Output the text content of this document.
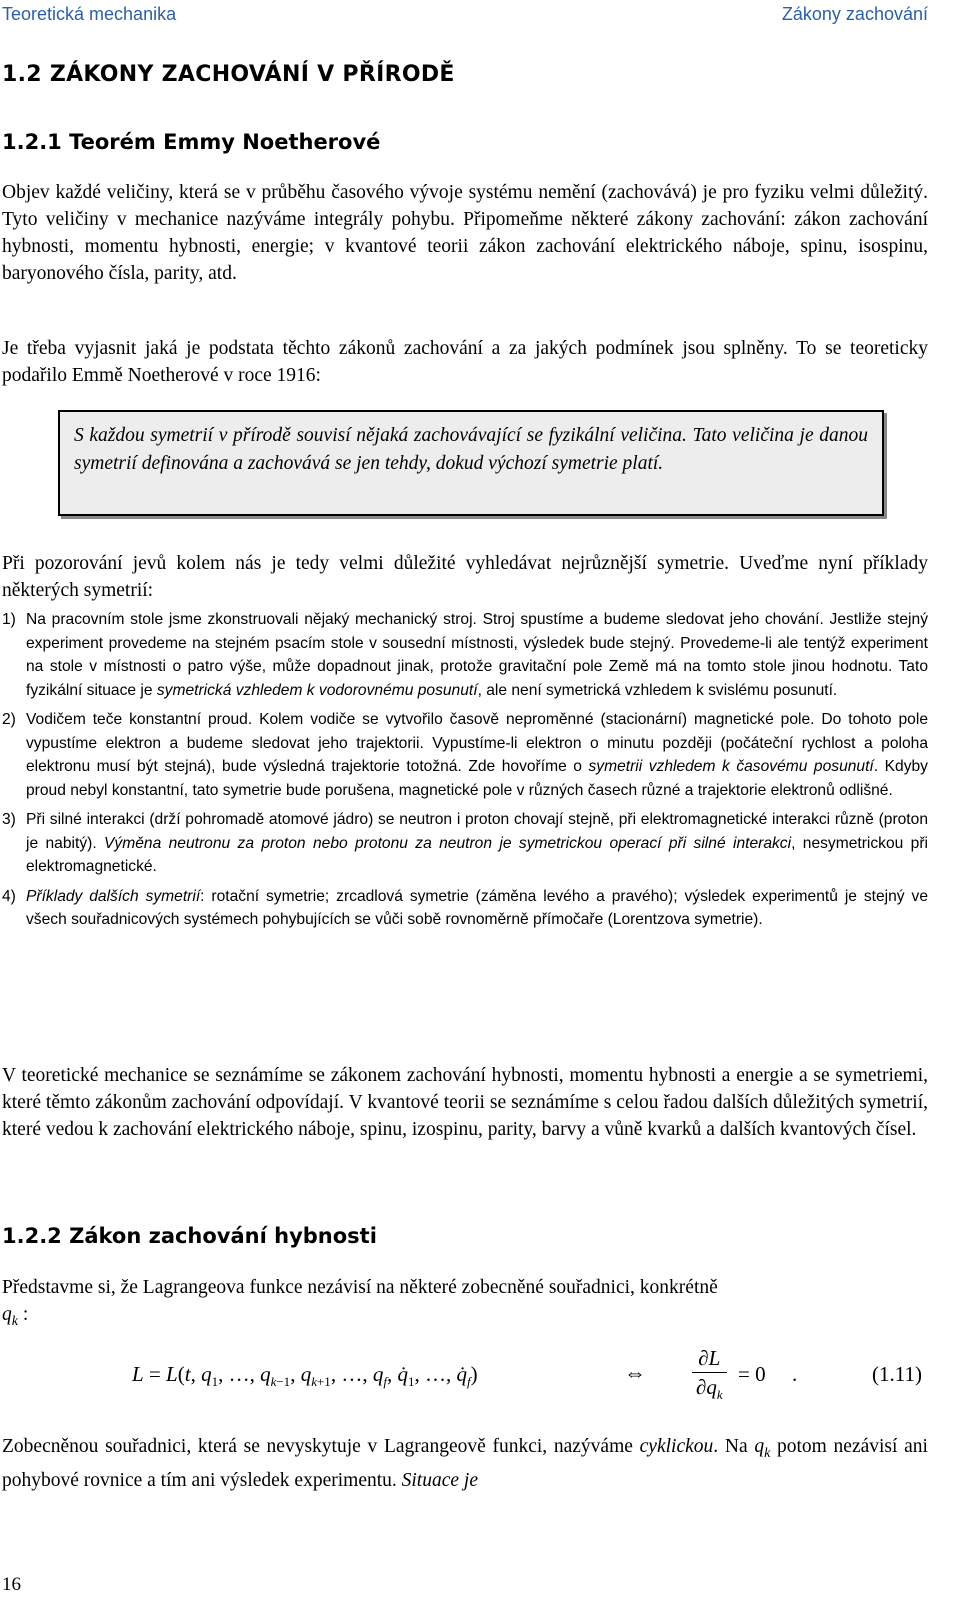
Teoretická mechanika	Zákony zachování
1.2 ZÁKONY ZACHOVÁNÍ V PŘÍRODĚ
1.2.1 Teorém Emmy Noetherové

Objev každé veličiny, která se v průběhu časového vývoje systému nemění (zachovává) je pro fyziku velmi důležitý. Tyto veličiny v mechanice nazýváme integrály pohybu. Připomeňme některé zákony zachování: zákon zachování hybnosti, momentu hybnosti, energie; v kvantové teorii zákon zachování elektrického náboje, spinu, isospinu, baryonového čísla, parity, atd.

Je třeba vyjasnit jaká je podstata těchto zákonů zachování a za jakých podmínek jsou splněny. To se teoreticky podařilo Emmě Noetherové v roce 1916:

S každou symetrií v přírodě souvisí nějaká zachovávající se fyzikální veličina. Tato veličina je danou symetrií definována a zachovává se jen tehdy, dokud výchozí symetrie platí.

Při pozorování jevů kolem nás je tedy velmi důležité vyhledávat nejrůznější symetrie. Uveďme nyní příklady některých symetrií:

1) Na pracovním stole jsme zkonstruovali nějaký mechanický stroj. Stroj spustíme a budeme sledovat jeho chování. Jestliže stejný experiment provedeme na stejném psacím stole v sousední místnosti, výsledek bude stejný. Provedeme-li ale tentýž experiment na stole v místnosti o patro výše, může dopadnout jinak, protože gravitační pole Země má na tomto stole jinou hodnotu. Tato fyzikální situace je symetrická vzhledem k vodorovnému posunutí, ale není symetrická vzhledem k svislému posunutí.
2) Vodičem teče konstantní proud. Kolem vodiče se vytvořilo časově neproměnné (stacionární) magnetické pole. Do tohoto pole vypustíme elektron a budeme sledovat jeho trajektorii. Vypustíme-li elektron o minutu později (počáteční rychlost a poloha elektronu musí být stejná), bude výsledná trajektorie totožná. Zde hovoříme o symetrii vzhledem k časovému posunutí. Kdyby proud nebyl konstantní, tato symetrie bude porušena, magnetické pole v různých časech různé a trajektorie elektronů odlišné.
3) Při silné interakci (drží pohromadě atomové jádro) se neutron i proton chovají stejně, při elektromagnetické interakci různě (proton je nabitý). Výměna neutronu za proton nebo protonu za neutron je symetrickou operací při silné interakci, nesymetrickou při elektromagnetické.
4) Příklady dalších symetrií: rotační symetrie; zrcadlová symetrie (záměna levého a pravého); výsledek experimentů je stejný ve všech souřadnicových systémech pohybujících se vůči sobě rovnoměrně přímočaře (Lorentzova symetrie).

V teoretické mechanice se seznámíme se zákonem zachování hybnosti, momentu hybnosti a energie a se symetriemi, které těmto zákonům zachování odpovídají. V kvantové teorii se seznámíme s celou řadou dalších důležitých symetrií, které vedou k zachování elektrického náboje, spinu, izospinu, parity, barvy a vůně kvarků a dalších kvantových čísel.

1.2.2 Zákon zachování hybnosti

Představme si, že Lagrangeova funkce nezávisí na některé zobecněné souřadnici, konkrétně
$q_k$ :

L = L(t, $q_1$, …, $q_{k-1}$, $q_{k+1}$, …, $q_f$, $q̇_1$, …, $q̇_f$)	⇔ $\frac{\partial L}{\partial q_k} = 0$ .	(1.11)

Zobecněnou souřadnici, která se nevyskytuje v Lagrangeově funkci, nazýváme cyklickou. Na $q_k$ potom nezávisí ani pohybové rovnice a tím ani výsledek experimentu. Situace je

16
